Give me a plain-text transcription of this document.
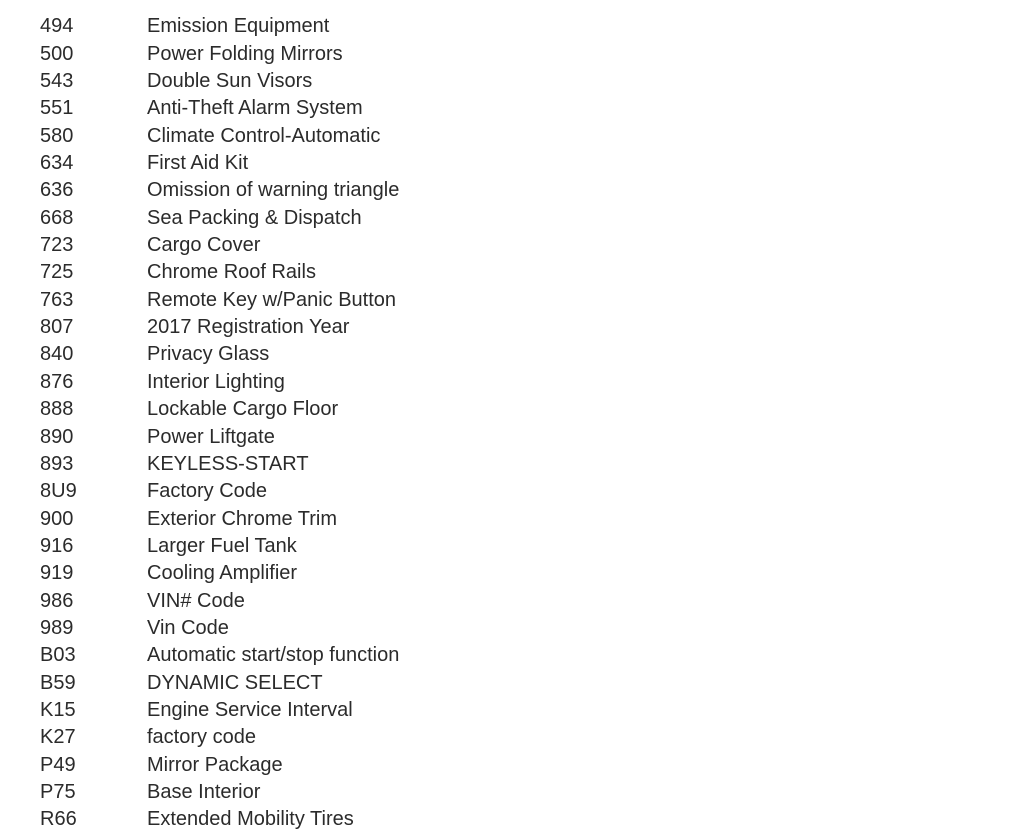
494	Emission Equipment
500	Power Folding Mirrors
543	Double Sun Visors
551	Anti-Theft Alarm System
580	Climate Control-Automatic
634	First Aid Kit
636	Omission of warning triangle
668	Sea Packing & Dispatch
723	Cargo Cover
725	Chrome Roof Rails
763	Remote Key w/Panic Button
807	2017 Registration Year
840	Privacy Glass
876	Interior Lighting
888	Lockable Cargo Floor
890	Power Liftgate
893	KEYLESS-START
8U9	Factory Code
900	Exterior Chrome Trim
916	Larger Fuel Tank
919	Cooling Amplifier
986	VIN# Code
989	Vin Code
B03	Automatic start/stop function
B59	DYNAMIC SELECT
K15	Engine Service Interval
K27	factory code
P49	Mirror Package
P75	Base Interior
R66	Extended Mobility Tires
